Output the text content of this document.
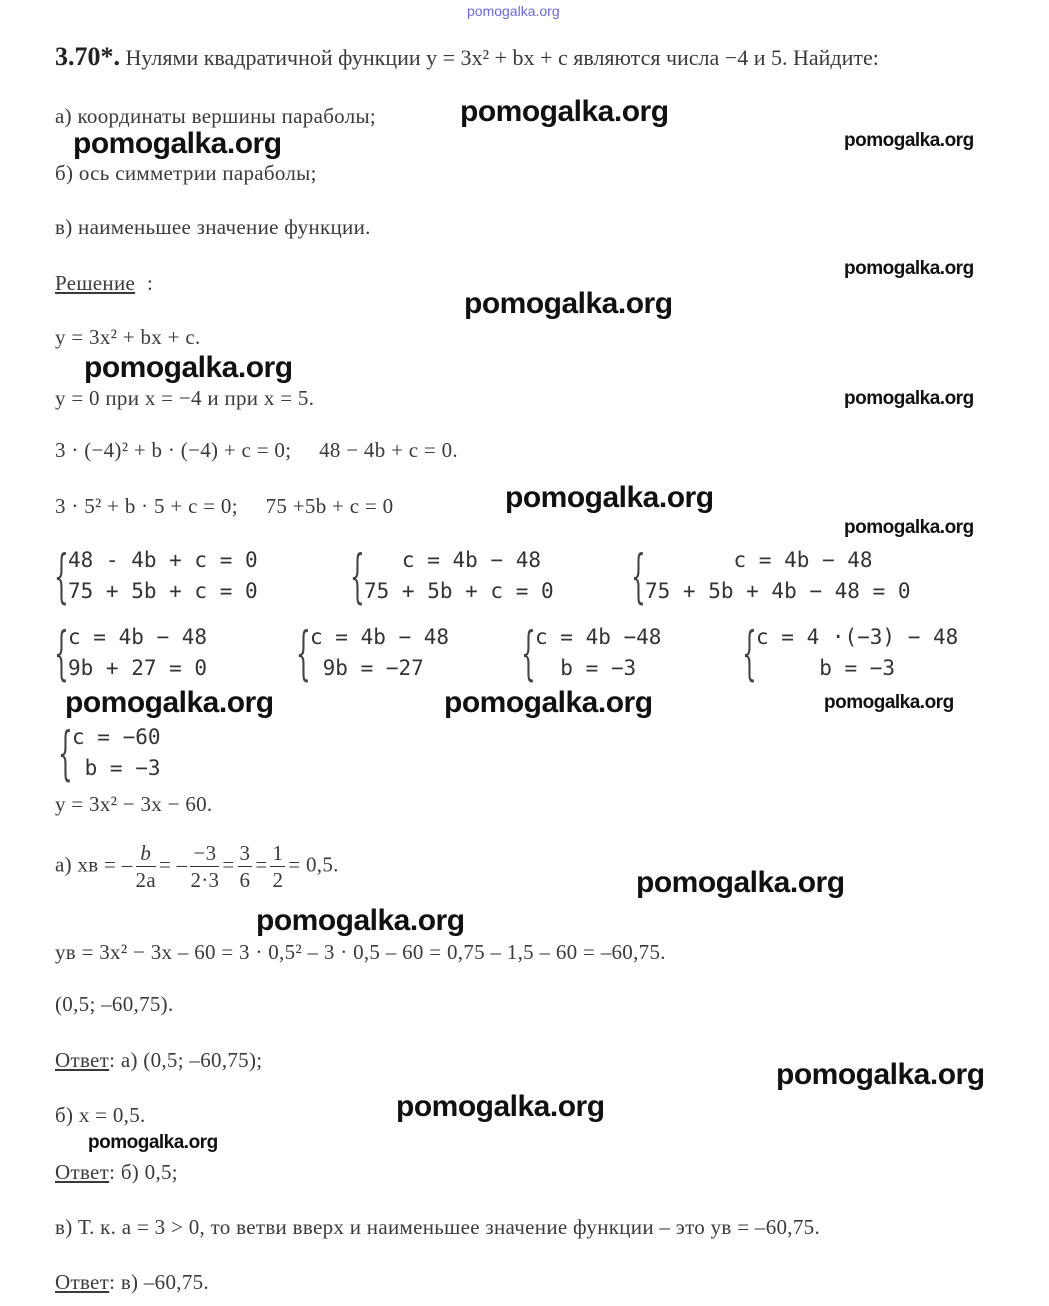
pomogalka.org
3.70*. Нулями квадратичной функции y = 3x² + bx + c являются числа −4 и 5. Найдите:
а) координаты вершины параболы;
б) ось симметрии параболы;
в) наименьшее значение функции.
Решение :
y = 3x² + bx + c.
y = 0 при x = −4 и при x = 5.
3 · (−4)² + b · (−4) + c = 0;     48 − 4b + c = 0.
3 · 5² + b · 5 + c = 0;     75 +5b + c = 0
{ 48 - 4b + c = 0
75 + 5b + c = 0 { c = 4b − 48
75 + 5b + c = 0 { c = 4b − 48
75 + 5b + 4b − 48 = 0
{ c = 4b − 48
9b + 27 = 0 { c = 4b − 48
9b = −27	{ c = 4b −48
b = −3	{ c = 4 ·(−3) − 48
b = −3
{ c = −60
b = −3
y = 3x² − 3x − 60.
а) xв = – $\frac{b}{2a}$ = – $\frac{-3}{2\cdot 3} = \frac{3}{6} = \frac{1}{2} = 0,5$.
yв = 3x² − 3x – 60 = 3 · 0,5² – 3 · 0,5 – 60 = 0,75 – 1,5 – 60 = –60,75.
(0,5; –60,75).
Ответ: а) (0,5; –60,75);
б) x = 0,5.
Ответ: б) 0,5;
в) Т. к. a = 3 > 0, то ветви вверх и наименьшее значение функции – это yв = –60,75.
Ответ: в) –60,75.
pomogalka.org
pomogalka.org	pomogalka.org
pomogalka.org
pomogalka.org
pomogalka.org
pomogalka.org
pomogalka.org
pomogalka.org
pomogalka.org	pomogalka.org	pomogalka.org
pomogalka.org
pomogalka.org
pomogalka.org
pomogalka.org
pomogalka.org
